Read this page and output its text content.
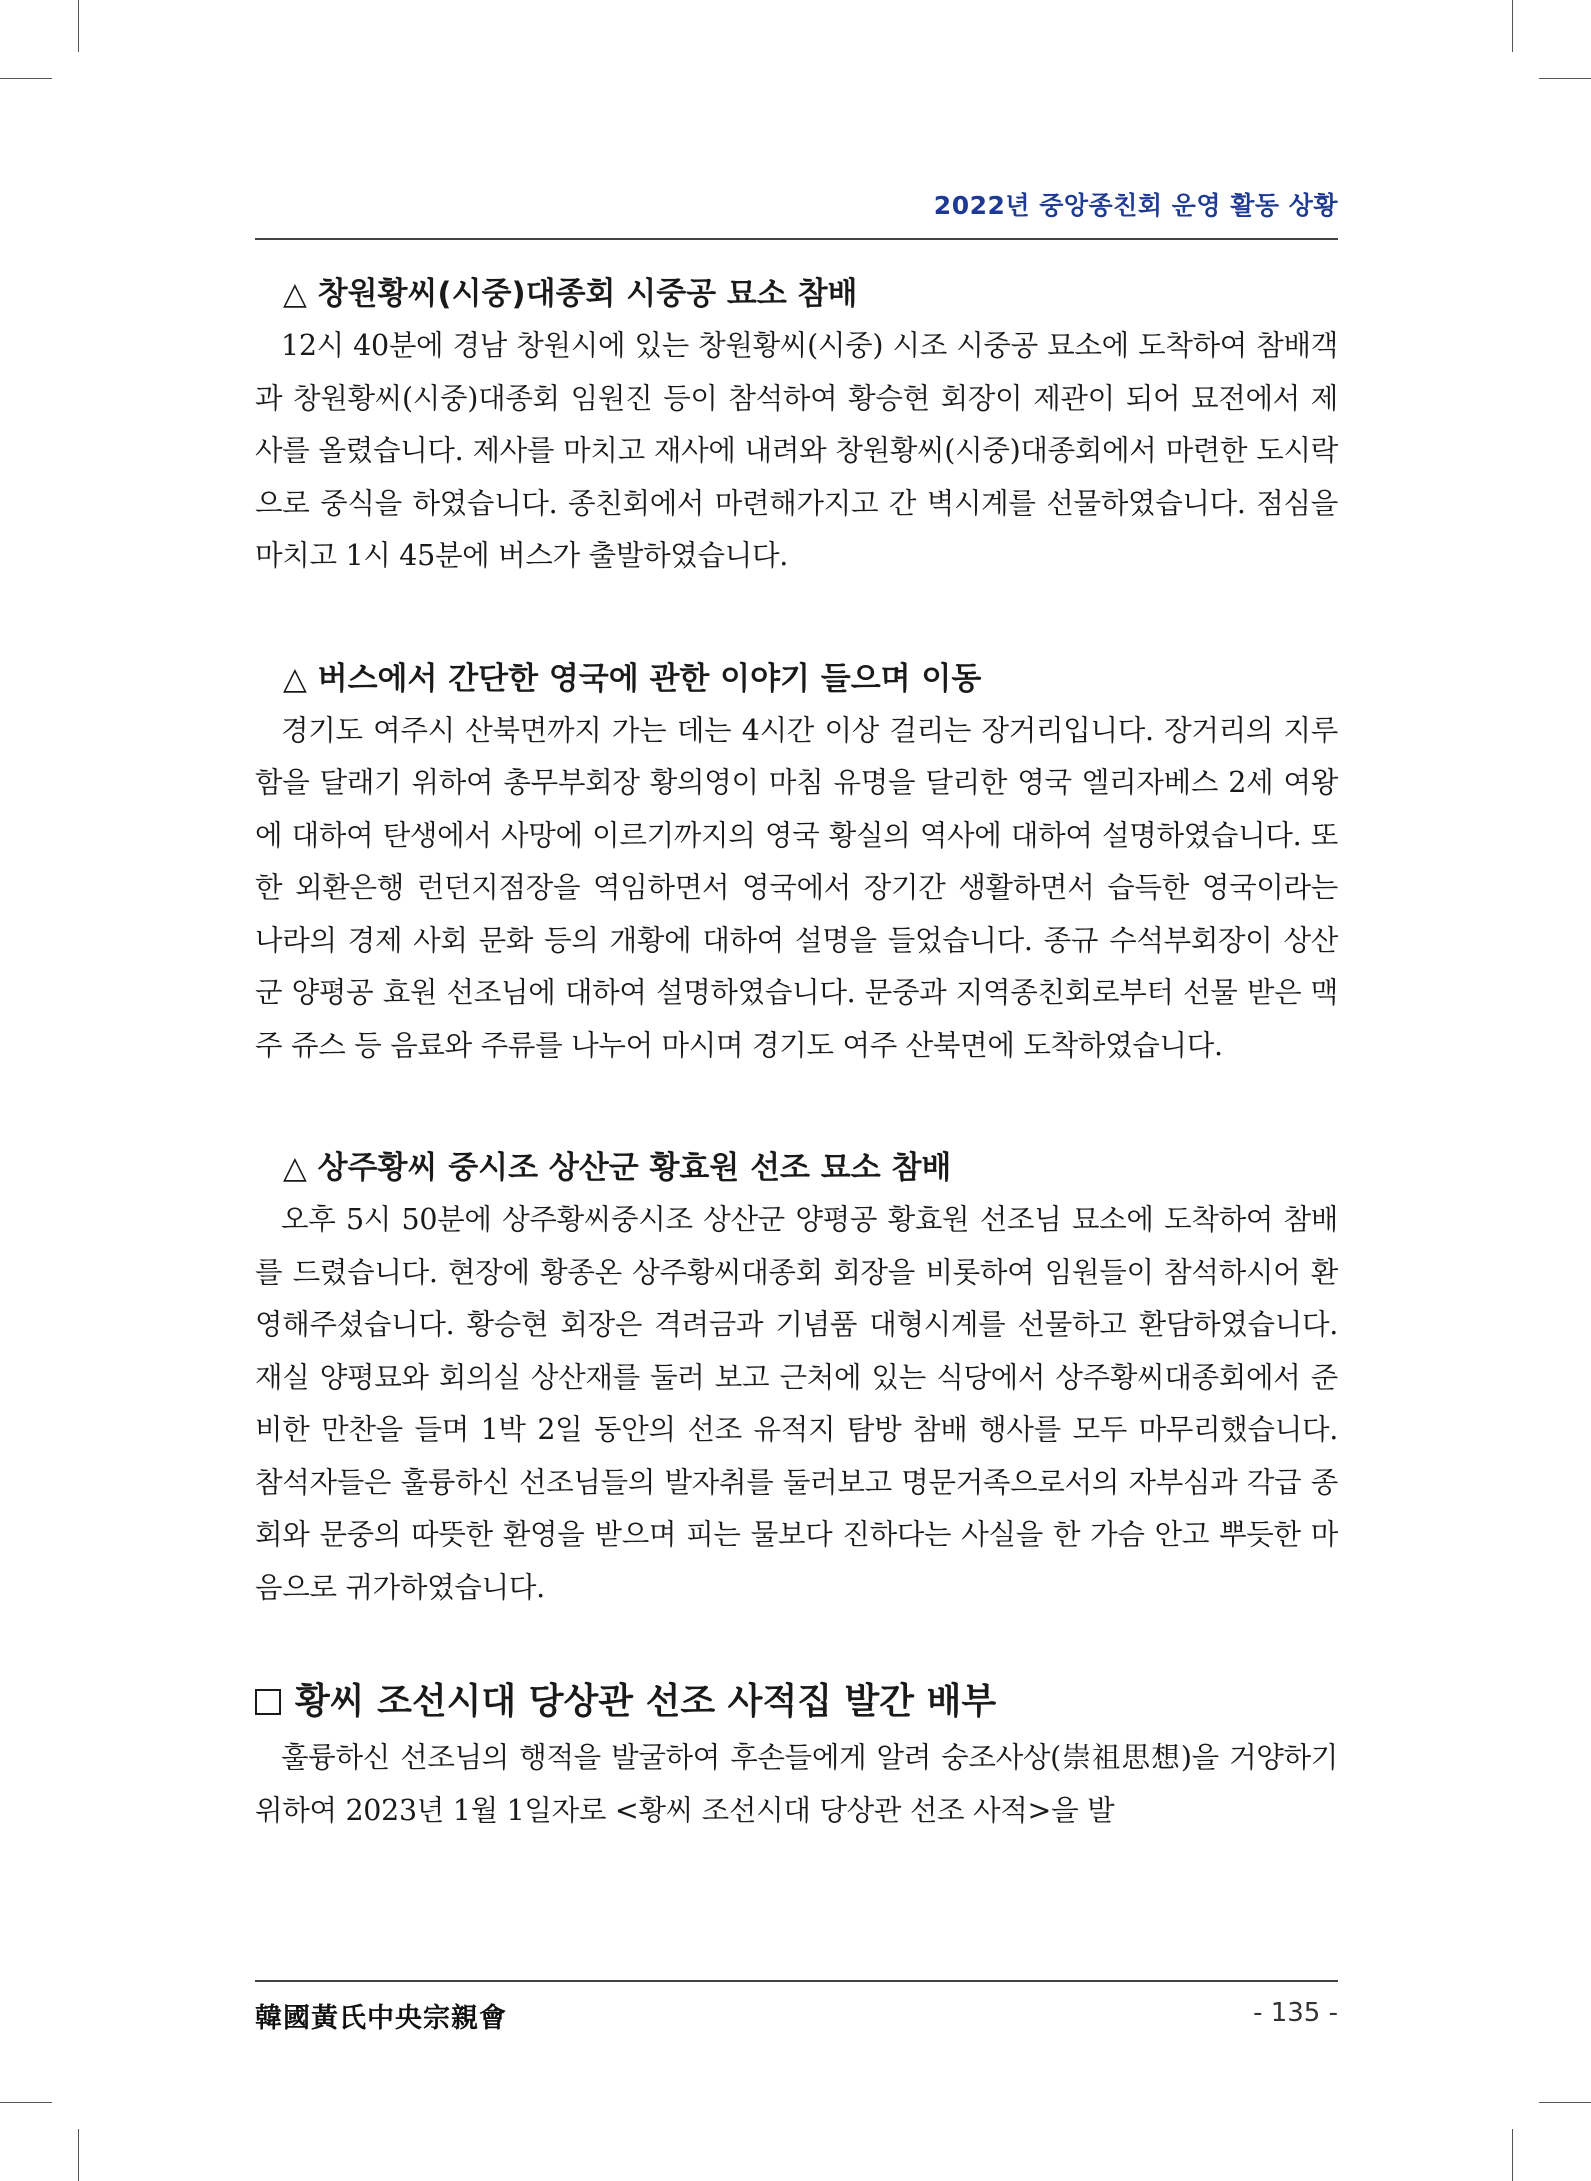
2022년 중앙종친회 운영 활동 상황
△ 창원황씨(시중)대종회 시중공 묘소 참배

12시 40분에 경남 창원시에 있는 창원황씨(시중) 시조 시중공 묘소에 도착하여 참배객과 창원황씨(시중)대종회 임원진 등이 참석하여 황승현 회장이 제관이 되어 묘전에서 제사를 올렸습니다. 제사를 마치고 재사에 내려와 창원황씨(시중)대종회에서 마련한 도시락으로 중식을 하였습니다. 종친회에서 마련해가지고 간 벽시계를 선물하였습니다. 점심을 마치고 1시 45분에 버스가 출발하였습니다.

△ 버스에서 간단한 영국에 관한 이야기 들으며 이동

경기도 여주시 산북면까지 가는 데는 4시간 이상 걸리는 장거리입니다. 장거리의 지루함을 달래기 위하여 총무부회장 황의영이 마침 유명을 달리한 영국 엘리자베스 2세 여왕에 대하여 탄생에서 사망에 이르기까지의 영국 황실의 역사에 대하여 설명하였습니다. 또한 외환은행 런던지점장을 역임하면서 영국에서 장기간 생활하면서 습득한 영국이라는 나라의 경제 사회 문화 등의 개황에 대하여 설명을 들었습니다. 종규 수석부회장이 상산군 양평공 효원 선조님에 대하여 설명하였습니다. 문중과 지역종친회로부터 선물 받은 맥주 쥬스 등 음료와 주류를 나누어 마시며 경기도 여주 산북면에 도착하였습니다.

△ 상주황씨 중시조 상산군 황효원 선조 묘소 참배

오후 5시 50분에 상주황씨중시조 상산군 양평공 황효원 선조님 묘소에 도착하여 참배를 드렸습니다. 현장에 황종온 상주황씨대종회 회장을 비롯하여 임원들이 참석하시어 환영해주셨습니다. 황승현 회장은 격려금과 기념품 대형시계를 선물하고 환담하였습니다. 재실 양평묘와 회의실 상산재를 둘러 보고 근처에 있는 식당에서 상주황씨대종회에서 준비한 만찬을 들며 1박 2일 동안의 선조 유적지 탐방 참배 행사를 모두 마무리했습니다. 참석자들은 훌륭하신 선조님들의 발자취를 둘러보고 명문거족으로서의 자부심과 각급 종회와 문중의 따뜻한 환영을 받으며 피는 물보다 진하다는 사실을 한 가슴 안고 뿌듯한 마음으로 귀가하였습니다.

황씨 조선시대 당상관 선조 사적집 발간 배부

훌륭하신 선조님의 행적을 발굴하여 후손들에게 알려 숭조사상(崇祖思想)을 거양하기 위하여 2023년 1월 1일자로 <황씨 조선시대 당상관 선조 사적>을 발

韓國黃氏中央宗親會	- 135 -
